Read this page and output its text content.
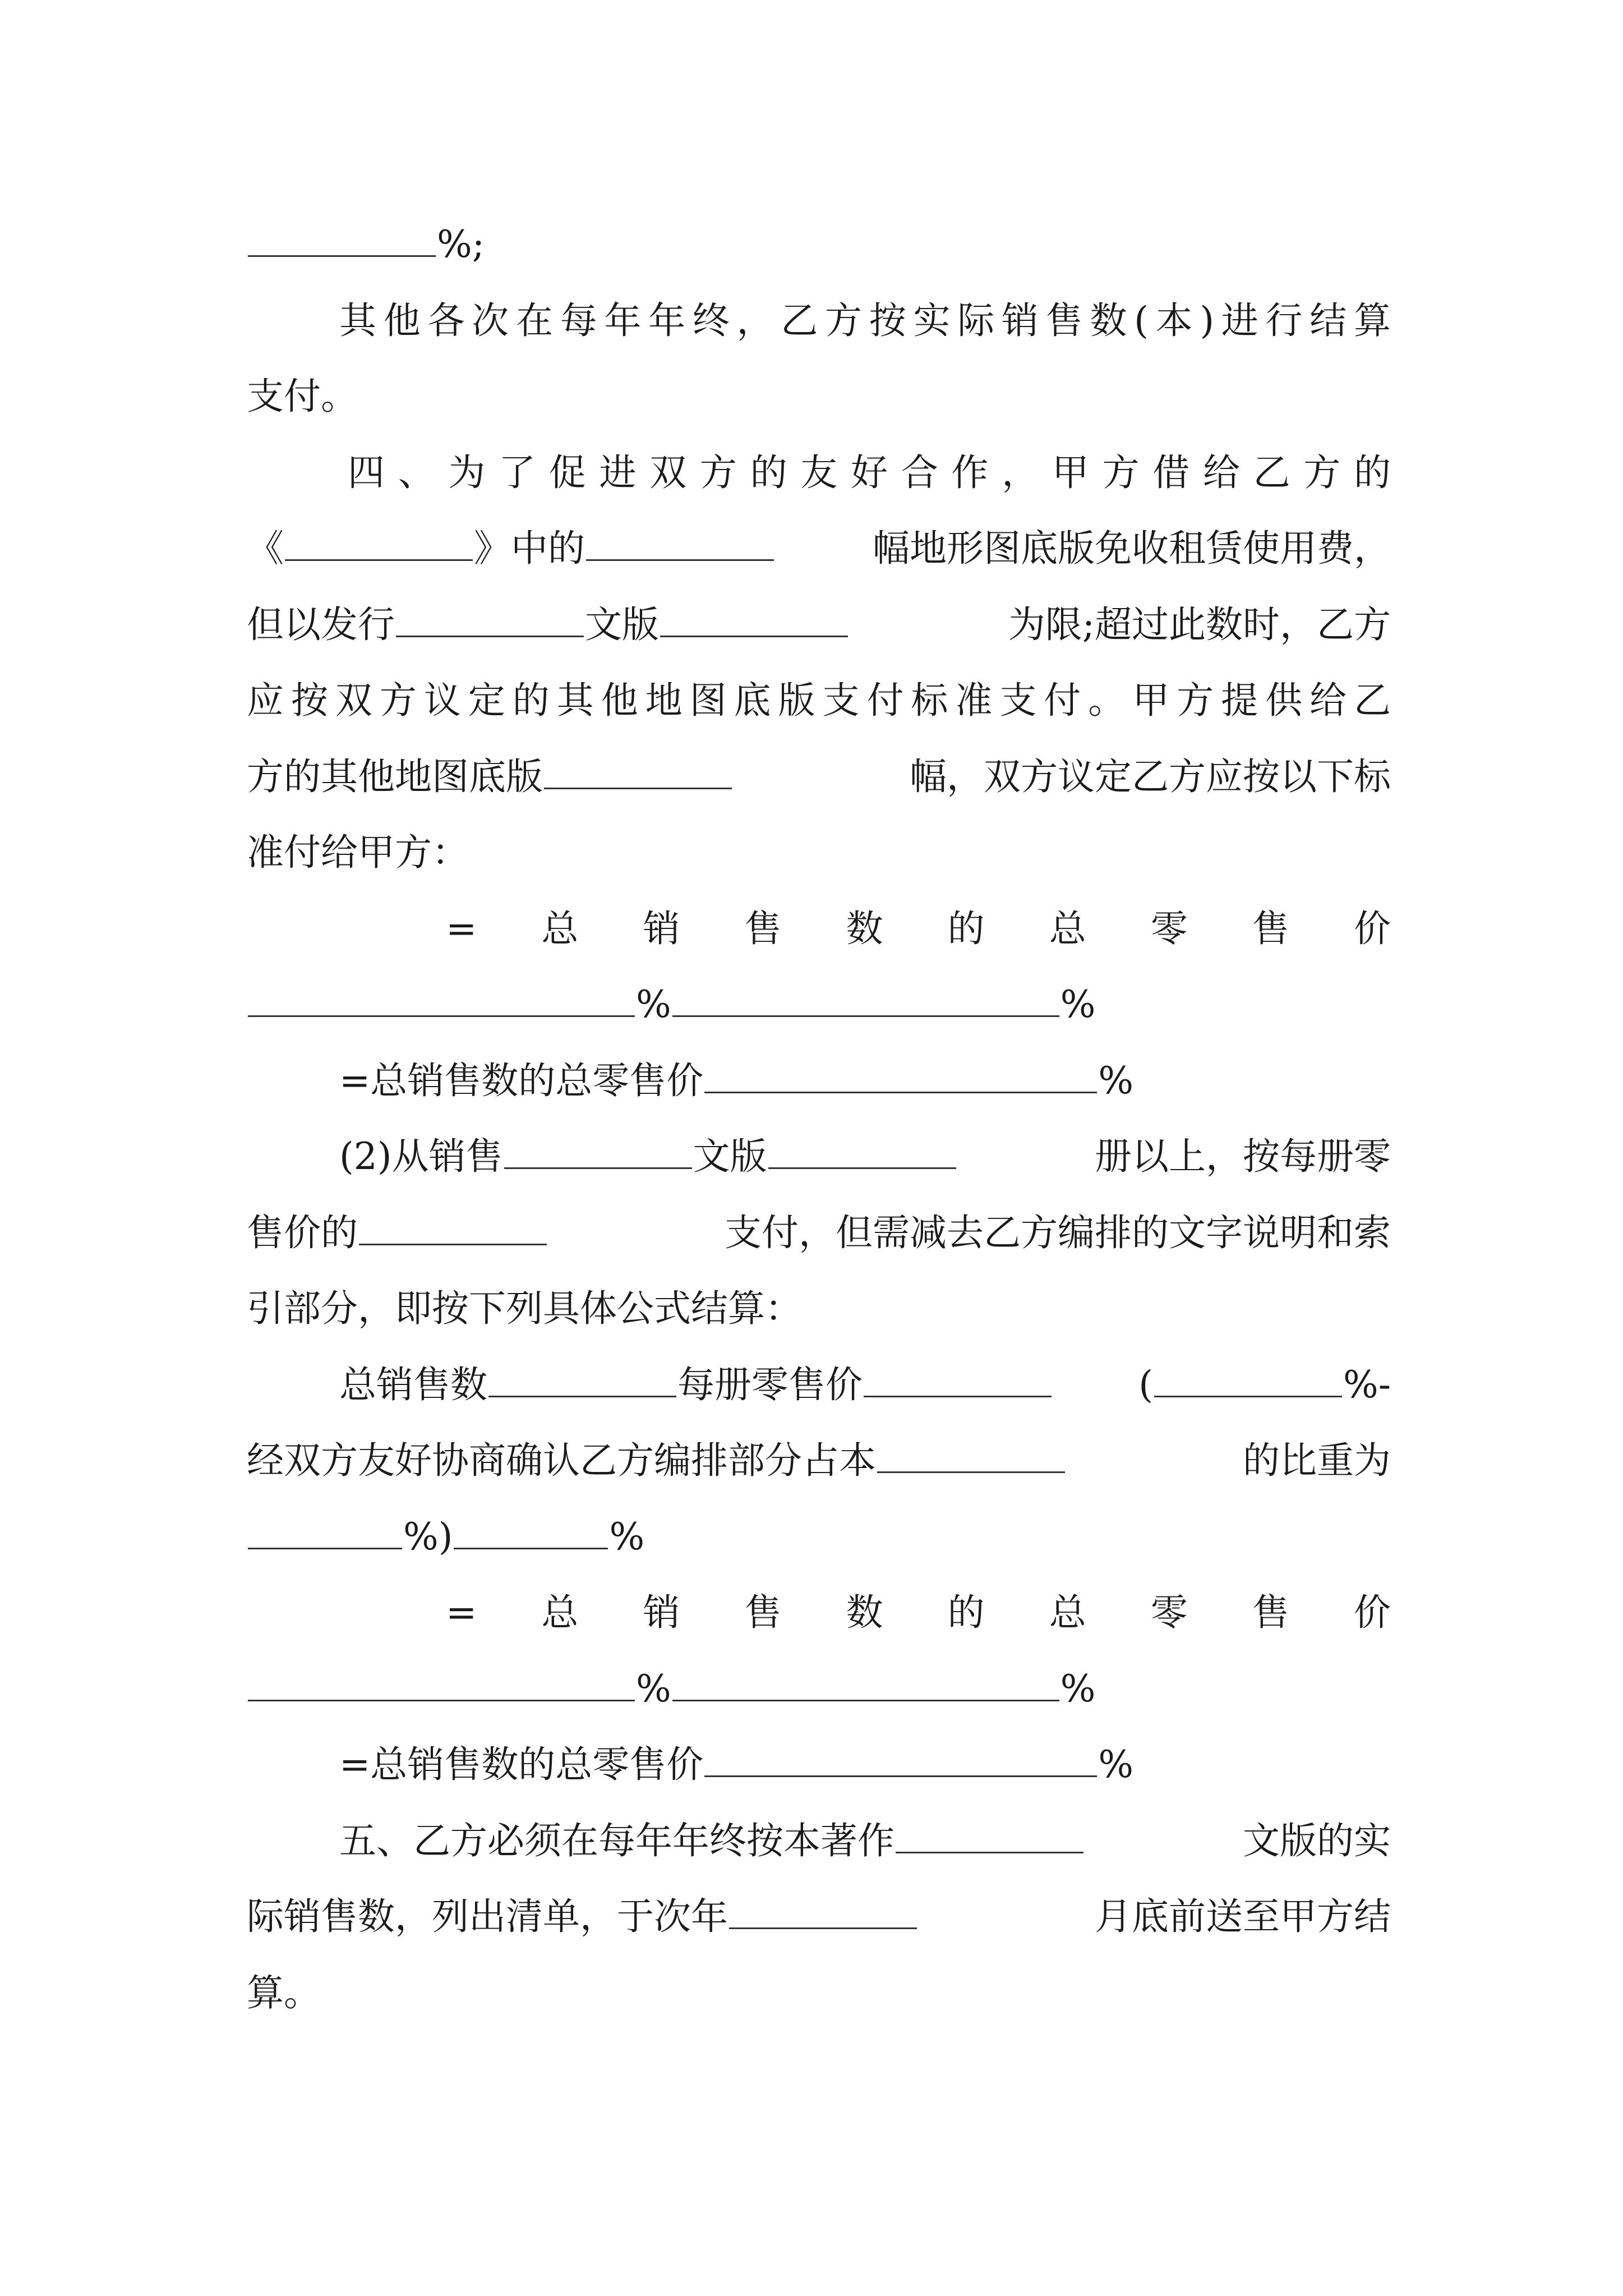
%;
其他各次在每年年终，乙方按实际销售数(本)进行结算
支付。
四、为了促进双方的友好合作，甲方借给乙方的
《	》中的	幅地形图底版免收租赁使用费，
但以发行	文版	为限;超过此数时，乙方
应按双方议定的其他地图底版支付标准支付。甲方提供给乙
方的其他地图底版	幅，双方议定乙方应按以下标
准付给甲方：
= 总 销 售 数 的 总 零 售 价
%	%
=总销售数的总零售价	%
(2)从销售	文版	册以上，按每册零
售价的	支付，但需减去乙方编排的文字说明和索
引部分，即按下列具体公式结算：
总销售数	每册零售价	(	%-
经双方友好协商确认乙方编排部分占本	的比重为
%)	%
= 总 销 售 数 的 总 零 售 价
%	%
=总销售数的总零售价	%
五、乙方必须在每年年终按本著作	文版的实
际销售数，列出清单，于次年	月底前送至甲方结
算。
